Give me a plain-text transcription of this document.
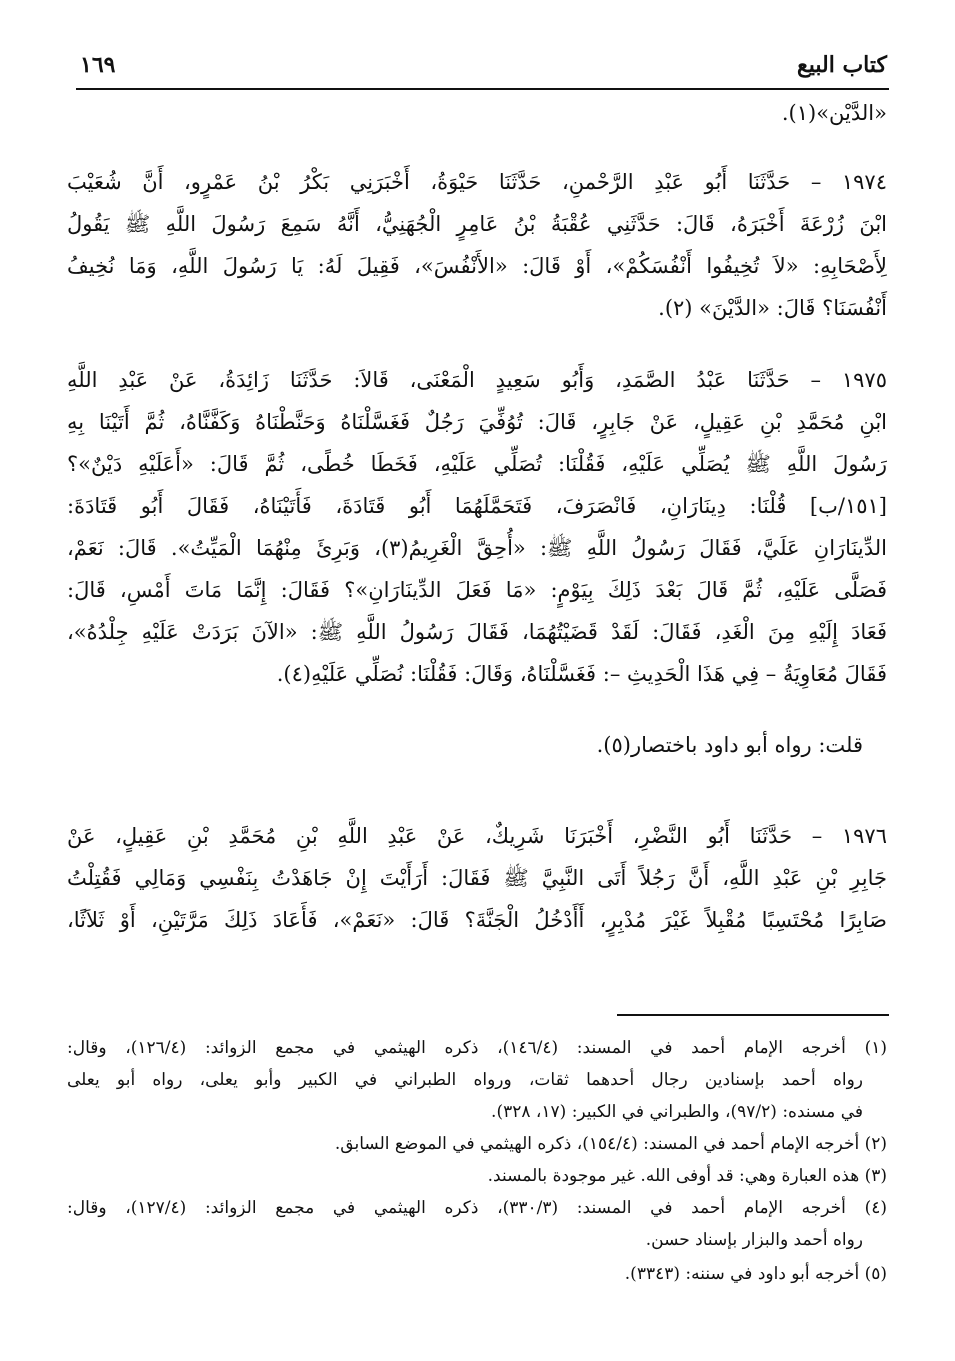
كتاب البيع
١٦٩
«الدَّيْن»(١).
١٩٧٤ – حَدَّثَنَا أَبُو عَبْدِ الرَّحْمنِ، حَدَّثَنَا حَيْوَةُ، أَخْبَرَنِي بَكْرُ بْنُ عَمْرٍو، أَنَّ شُعَيْبَ
ابْنَ زُرْعَةَ أَخْبَرَهُ، قَالَ: حَدَّثَنِي عُقْبَةُ بْنُ عَامِرٍ الْجُهَنِيُّ، أَنَّهُ سَمِعَ رَسُولَ اللَّهِ ﷺ يَقُولُ
لِأَصْحَابِهِ: «لاَ تُخِيفُوا أَنْفُسَكُمْ»، أَوْ قَالَ: «الأَنْفُسَ»، فَقِيلَ لَهُ: يَا رَسُولَ اللَّهِ، وَمَا نُخِيفُ
أَنْفُسَنَا؟ قَالَ: «الدَّيْنَ» (٢).
١٩٧٥ – حَدَّثَنَا عَبْدُ الصَّمَدِ، وَأَبُو سَعِيدٍ الْمَعْنَى، قَالاَ: حَدَّثَنَا زَائِدَةُ، عَنْ عَبْدِ اللَّهِ
ابْنِ مُحَمَّدِ بْنِ عَقِيلٍ، عَنْ جَابِرٍ، قَالَ: تُوُفِّيَ رَجُلٌ فَغَسَّلْنَاهُ وَحَنَّطْنَاهُ وَكَفَّنَّاهُ، ثُمَّ أَتَيْنَا بِهِ
رَسُولَ اللَّهِ ﷺ يُصَلِّي عَلَيْهِ، فَقُلْنَا: تُصَلِّي عَلَيْهِ، فَخَطَا خُطًى، ثُمَّ قَالَ: «أَعَلَيْهِ دَيْنٌ»؟
[١٥١/ب] قُلْنَا: دِينَارَانِ، فَانْصَرَفَ، فَتَحَمَّلَهُمَا أَبُو قَتَادَةَ، فَأَتَيْنَاهُ، فَقَالَ أَبُو قَتَادَةَ:
الدِّينَارَانِ عَلَيَّ، فَقَالَ رَسُولُ اللَّهِ ﷺ: «أُحِقَّ الْغَرِيمُ(٣)، وَبَرِئَ مِنْهُمَا الْمَيِّتُ». قَالَ: نَعَمْ،
فَصَلَّى عَلَيْهِ، ثُمَّ قَالَ بَعْدَ ذَلِكَ بِيَوْمٍ: «مَا فَعَلَ الدِّينَارَانِ»؟ فَقَالَ: إِنَّمَا مَاتَ أَمْسِ، قَالَ:
فَعَادَ إِلَيْهِ مِنَ الْغَدِ، فَقَالَ: لَقَدْ قَضَيْتُهُمَا، فَقَالَ رَسُولُ اللَّهِ ﷺ: «الآنَ بَرَدَتْ عَلَيْهِ جِلْدُهُ»،
فَقَالَ مُعَاوِيَةُ – فِي هَذَا الْحَدِيثِ –: فَغَسَّلْنَاهُ، وَقَالَ: فَقُلْنَا: نُصَلِّي عَلَيْهِ(٤).
قلت: رواه أبو داود باختصار(٥).
١٩٧٦ – حَدَّثَنَا أَبُو النَّضْرِ، أَخْبَرَنَا شَرِيكٌ، عَنْ عَبْدِ اللَّهِ بْنِ مُحَمَّدِ بْنِ عَقِيلٍ، عَنْ
جَابِرِ بْنِ عَبْدِ اللَّهِ، أَنَّ رَجُلاً أَتَى النَّبِيَّ ﷺ فَقَالَ: أَرَأَيْتَ إِنْ جَاهَدْتُ بِنَفْسِي وَمَالِي فَقُتِلْتُ
صَابِرًا مُحْتَسِبًا مُقْبِلاً غَيْرَ مُدْبِرٍ، أَأَدْخُلُ الْجَنَّةَ؟ قَالَ: «نَعَمْ»، فَأَعَادَ ذَلِكَ مَرَّتَيْنِ، أَوْ ثَلاَثًا،
(١) أخرجه الإمام أحمد في المسند: (١٤٦/٤)، ذكره الهيثمي في مجمع الزوائد: (١٢٦/٤)، وقال:
رواه أحمد بإسنادين رجال أحدهما ثقات، ورواه الطبراني في الكبير وأبو يعلى، رواه أبو يعلى
في مسنده: (٩٧/٢)، والطبراني في الكبير: (١٧، ٣٢٨).
(٢) أخرجه الإمام أحمد في المسند: (١٥٤/٤)، ذكره الهيثمي في الموضع السابق.
(٣) هذه العبارة وهي: قد أوفى الله. غير موجودة بالمسند.
(٤) أخرجه الإمام أحمد في المسند: (٣٣٠/٣)، ذكره الهيثمي في مجمع الزوائد: (١٢٧/٤)، وقال:
رواه أحمد والبزار بإسناد حسن.
(٥) أخرجه أبو داود في سننه: (٣٣٤٣).
